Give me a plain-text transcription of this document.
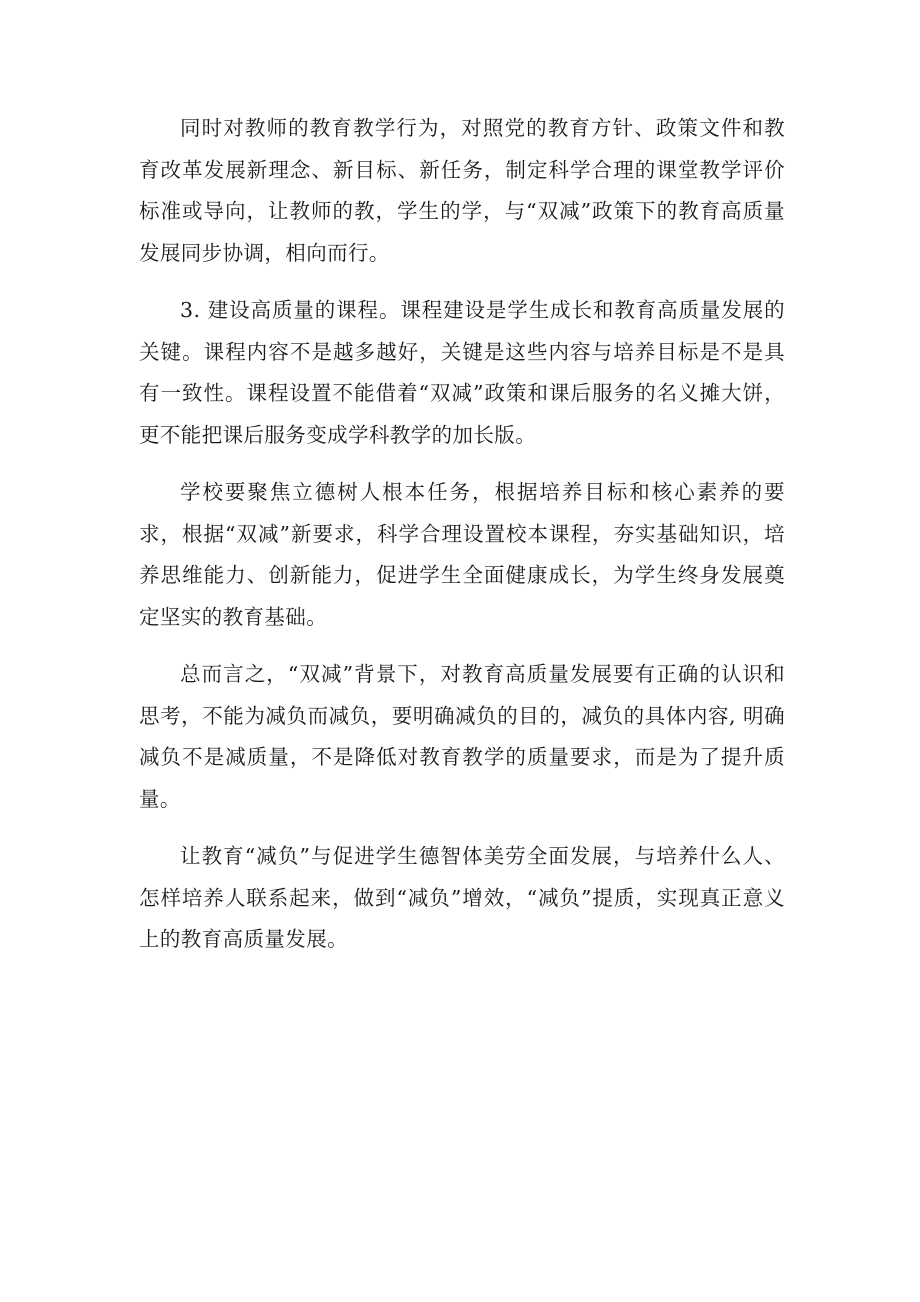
同时对教师的教育教学行为，对照党的教育方针、政策文件和教育改革发展新理念、新目标、新任务，制定科学合理的课堂教学评价标准或导向，让教师的教，学生的学，与“双减”政策下的教育高质量发展同步协调，相向而行。

3. 建设高质量的课程。课程建设是学生成长和教育高质量发展的关键。课程内容不是越多越好，关键是这些内容与培养目标是不是具有一致性。课程设置不能借着“双减”政策和课后服务的名义摊大饼，更不能把课后服务变成学科教学的加长版。

学校要聚焦立德树人根本任务，根据培养目标和核心素养的要求，根据“双减”新要求，科学合理设置校本课程，夯实基础知识，培养思维能力、创新能力，促进学生全面健康成长，为学生终身发展奠定坚实的教育基础。

总而言之，“双减”背景下，对教育高质量发展要有正确的认识和思考，不能为减负而减负，要明确减负的目的，减负的具体内容, 明确减负不是减质量，不是降低对教育教学的质量要求，而是为了提升质量。

让教育“减负”与促进学生德智体美劳全面发展，与培养什么人、怎样培养人联系起来，做到“减负”增效，“减负”提质，实现真正意义上的教育高质量发展。
